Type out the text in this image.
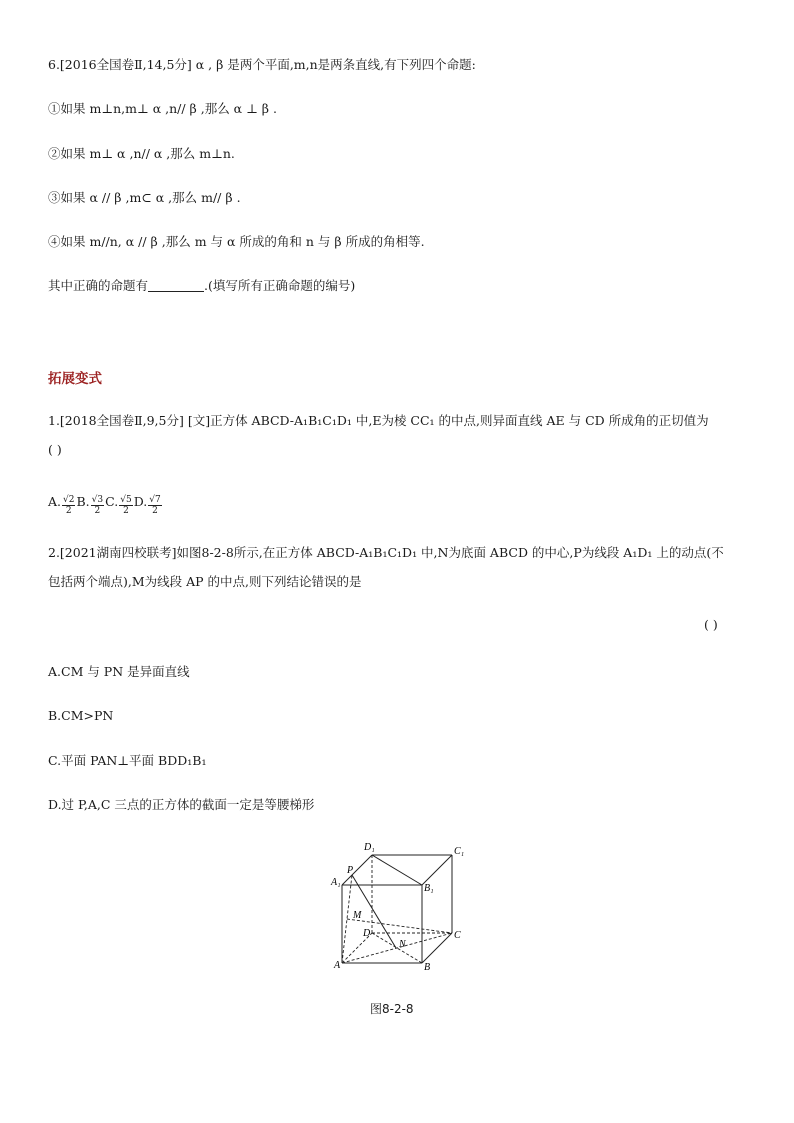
6.[2016全国卷Ⅱ,14,5分] α , β 是两个平面,m,n是两条直线,有下列四个命题:
①如果 m⊥n,m⊥ α ,n// β ,那么 α ⊥ β .
②如果 m⊥ α ,n// α ,那么 m⊥n.
③如果 α // β ,m⊂ α ,那么 m// β .
④如果 m//n, α // β ,那么 m 与 α 所成的角和 n 与 β 所成的角相等.
其中正确的命题有	.(填写所有正确命题的编号)
拓展变式
1.[2018全国卷Ⅱ,9,5分] [文]正方体 ABCD-A₁B₁C₁D₁ 中,E为棱 CC₁ 的中点,则异面直线 AE 与 CD 所成角的正切值为
( )
A. $\frac{√2}{2} B$. $\frac{√3}{2} C$. $\frac{√5}{2} D$. $\frac{√7}{2}$
2.[2021湖南四校联考]如图8-2-8所示,在正方体 ABCD-A₁B₁C₁D₁ 中,N为底面 ABCD 的中心,P为线段 A₁D₁ 上的动点(不
包括两个端点),M为线段 AP 的中点,则下列结论错误的是
( )
A.CM 与 PN 是异面直线
B.CM>PN
C.平面 PAN⊥平面 BDD₁B₁
D.过 P,A,C 三点的正方体的截面一定是等腰梯形
D₁	C₁
A₁
B₁
P
M
D
N
C
A	B
图8-2-8
